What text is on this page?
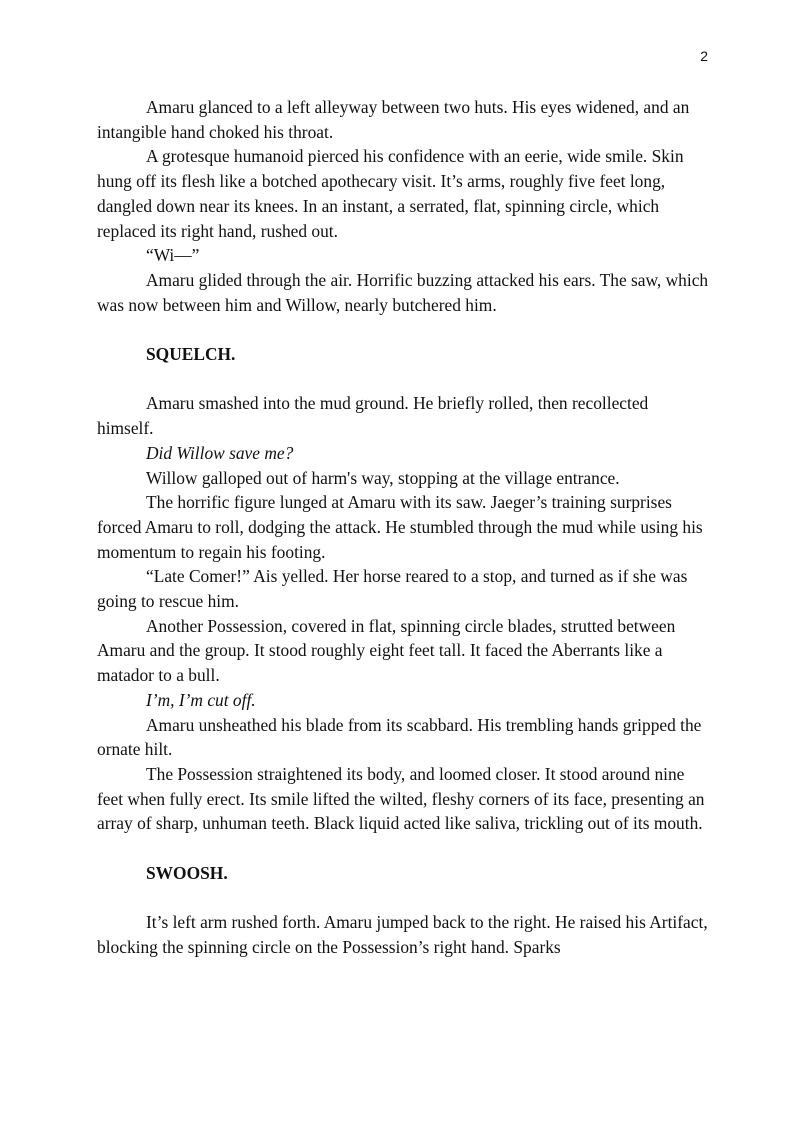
2

Amaru glanced to a left alleyway between two huts. His eyes widened, and an intangible hand choked his throat.

A grotesque humanoid pierced his confidence with an eerie, wide smile. Skin hung off its flesh like a botched apothecary visit. It’s arms, roughly five feet long, dangled down near its knees. In an instant, a serrated, flat, spinning circle, which replaced its right hand, rushed out.

“Wi—”

Amaru glided through the air. Horrific buzzing attacked his ears. The saw, which was now between him and Willow, nearly butchered him.

SQUELCH.

Amaru smashed into the mud ground. He briefly rolled, then recollected himself.

Did Willow save me?

Willow galloped out of harm's way, stopping at the village entrance.

The horrific figure lunged at Amaru with its saw. Jaeger’s training surprises forced Amaru to roll, dodging the attack. He stumbled through the mud while using his momentum to regain his footing.

“Late Comer!” Ais yelled. Her horse reared to a stop, and turned as if she was going to rescue him.

Another Possession, covered in flat, spinning circle blades, strutted between Amaru and the group. It stood roughly eight feet tall. It faced the Aberrants like a matador to a bull.

I’m, I’m cut off.

Amaru unsheathed his blade from its scabbard. His trembling hands gripped the ornate hilt.

The Possession straightened its body, and loomed closer. It stood around nine feet when fully erect. Its smile lifted the wilted, fleshy corners of its face, presenting an array of sharp, unhuman teeth. Black liquid acted like saliva, trickling out of its mouth.

SWOOSH.

It’s left arm rushed forth. Amaru jumped back to the right. He raised his Artifact, blocking the spinning circle on the Possession’s right hand. Sparks
